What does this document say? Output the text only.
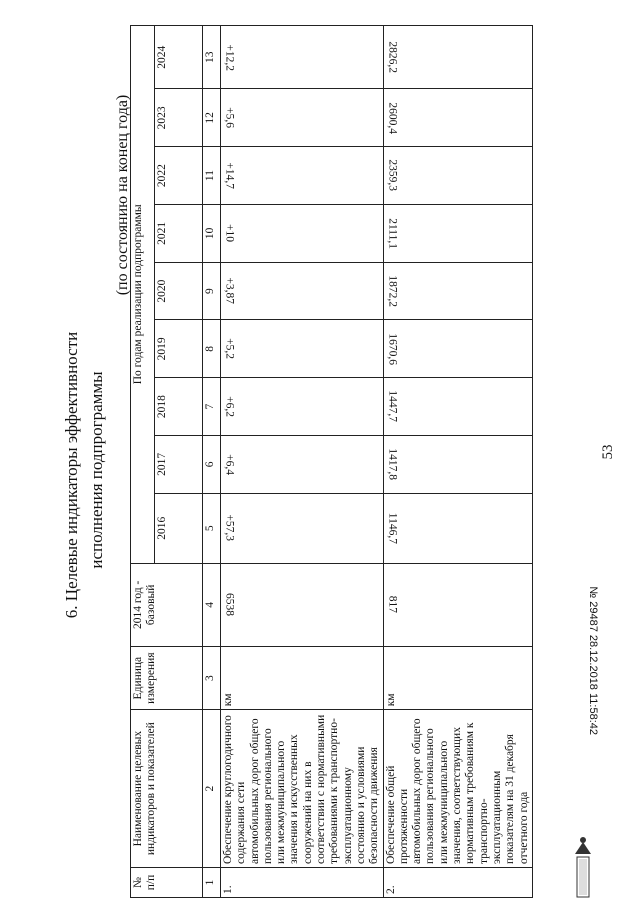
53
6. Целевые индикаторы эффективности исполнения подпрограммы
(по состоянию на конец года)
№ п/п	Наименование целевых индикаторов и показателей	Единица измерения	2014 год - базовый	По годам реализации подпрограммы								
				2016	2017	2018	2019	2020	2021	2022	2023	2024
1	2	3	4	5	6	7	8	9	10	11	12	13
1.	Обеспечение круглогодичного содержания сети автомобильных дорог общего пользования регионального или межмуниципального значения и искусственных сооружений на них в соответствии с нормативными требованиями к транспортно-эксплуатационному состоянию и условиями безопасности движения	км	6538	+57,3	+6,4	+6,2	+5,2	+3,87	+10	+14,7	+5,6	+12,2
2.	Обеспечение общей протяженности автомобильных дорог общего пользования регионального или межмуниципального значения, соответствующих нормативным требованиям к транспортно-эксплуатационным показателям на 31 декабря отчетного года	км	817	1146,7	1417,8	1447,7	1670,6	1872,2	2111,1	2359,3	2600,4	2826,2
№ 29487 28.12.2018 11:58:42
